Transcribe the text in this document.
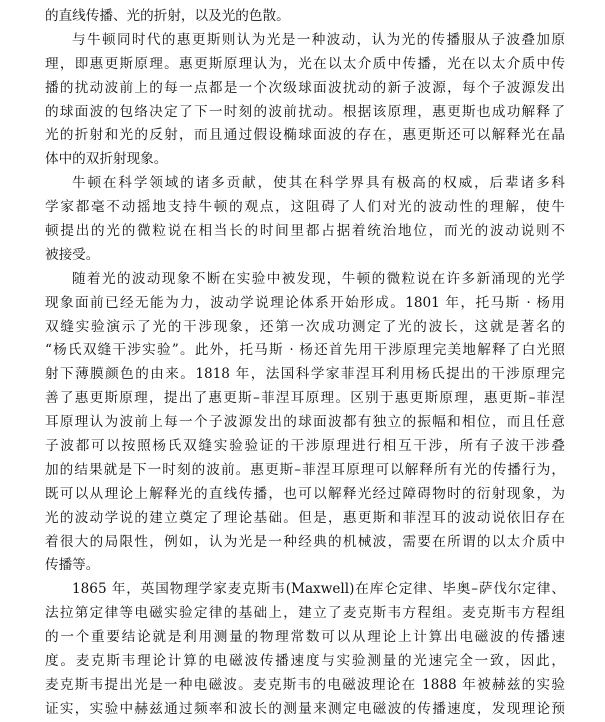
的直线传播、光的折射，以及光的色散。
与牛顿同时代的惠更斯则认为光是一种波动，认为光的传播服从子波叠加原
理，即惠更斯原理。惠更斯原理认为，光在以太介质中传播，光在以太介质中传
播的扰动波前上的每一点都是一个次级球面波扰动的新子波源，每个子波源发出
的球面波的包络决定了下一时刻的波前扰动。根据该原理，惠更斯也成功解释了
光的折射和光的反射，而且通过假设椭球面波的存在，惠更斯还可以解释光在晶
体中的双折射现象。
牛顿在科学领域的诸多贡献，使其在科学界具有极高的权威，后辈诸多科
学家都毫不动摇地支持牛顿的观点，这阻碍了人们对光的波动性的理解，使牛
顿提出的光的微粒说在相当长的时间里都占据着统治地位，而光的波动说则不
被接受。
随着光的波动现象不断在实验中被发现，牛顿的微粒说在许多新涌现的光学
现象面前已经无能为力，波动学说理论体系开始形成。1801 年，托马斯 · 杨用
双缝实验演示了光的干涉现象，还第一次成功测定了光的波长，这就是著名的
“杨氏双缝干涉实验”。此外，托马斯 · 杨还首先用干涉原理完美地解释了白光照
射下薄膜颜色的由来。1818 年，法国科学家菲涅耳利用杨氏提出的干涉原理完
善了惠更斯原理，提出了惠更斯–菲涅耳原理。区别于惠更斯原理，惠更斯–菲涅
耳原理认为波前上每一个子波源发出的球面波都有独立的振幅和相位，而且任意
子波都可以按照杨氏双缝实验验证的干涉原理进行相互干涉，所有子波干涉叠
加的结果就是下一时刻的波前。惠更斯–菲涅耳原理可以解释所有光的传播行为，
既可以从理论上解释光的直线传播，也可以解释光经过障碍物时的衍射现象，为
光的波动学说的建立奠定了理论基础。但是，惠更斯和菲涅耳的波动说依旧存在
着很大的局限性，例如，认为光是一种经典的机械波，需要在所谓的以太介质中
传播等。
1865 年，英国物理学家麦克斯韦(Maxwell)在库仑定律、毕奥–萨伐尔定律、
法拉第定律等电磁实验定律的基础上，建立了麦克斯韦方程组。麦克斯韦方程组
的一个重要结论就是利用测量的物理常数可以从理论上计算出电磁波的传播速
度。麦克斯韦理论计算的电磁波传播速度与实验测量的光速完全一致，因此，
麦克斯韦提出光是一种电磁波。麦克斯韦的电磁波理论在 1888 年被赫兹的实验
证实，实验中赫兹通过频率和波长的测量来测定电磁波的传播速度，发现理论预
